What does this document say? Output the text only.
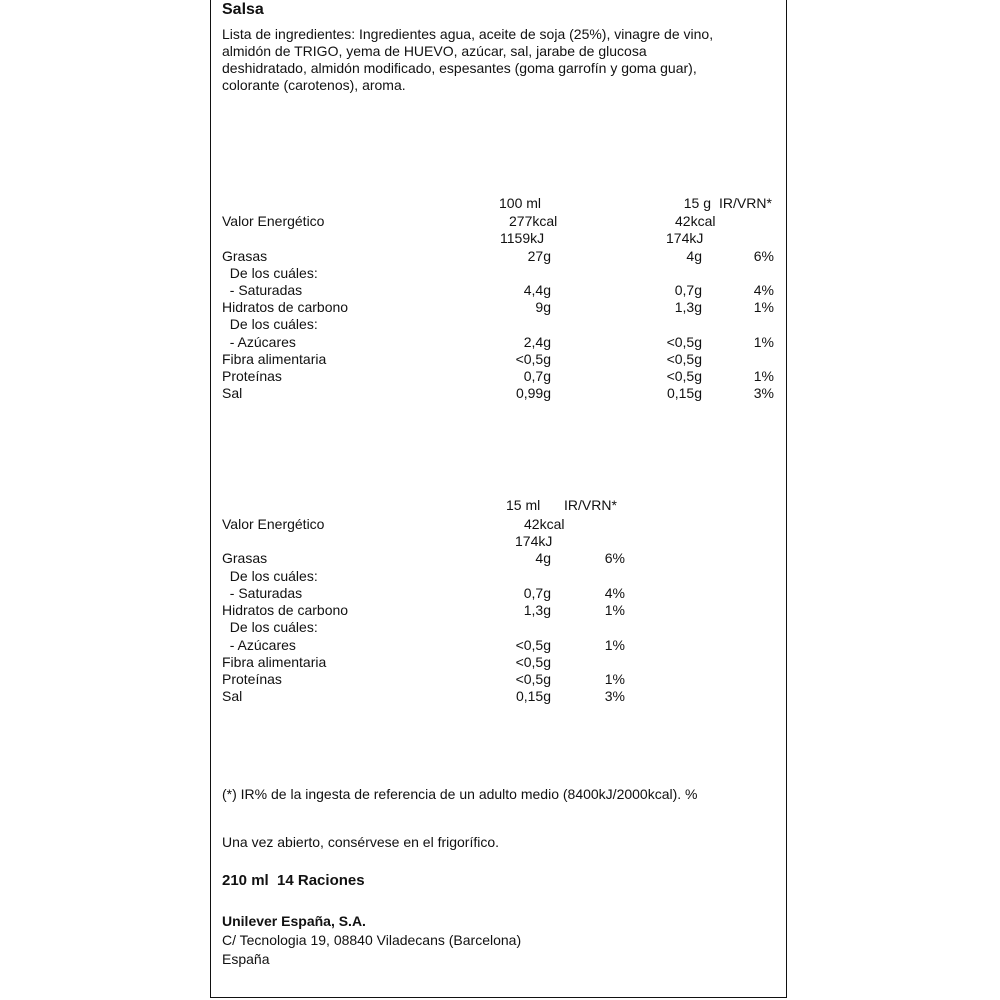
Salsa
Lista de ingredientes: Ingredientes agua, aceite de soja (25%), vinagre de vino,
almidón de TRIGO, yema de HUEVO, azúcar, sal, jarabe de glucosa
deshidratado, almidón modificado, espesantes (goma garrofín y goma guar),
colorante (carotenos), aroma.
100 ml	15 g IR/VRN*
Valor Energético	277kcal	42kcal
1159kJ	174kJ
Grasas	27g	4g	6%
De los cuáles:
- Saturadas	4,4g	0,7g	4%
Hidratos de carbono	9g	1,3g	1%
De los cuáles:
- Azúcares	2,4g	<0,5g	1%
Fibra alimentaria	<0,5g	<0,5g
Proteínas	0,7g	<0,5g	1%
Sal	0,99g	0,15g	3%
15 ml IR/VRN*
Valor Energético	42kcal
174kJ
Grasas	4g	6%
De los cuáles:
- Saturadas	0,7g	4%
Hidratos de carbono	1,3g	1%
De los cuáles:
- Azúcares	<0,5g	1%
Fibra alimentaria	<0,5g
Proteínas	<0,5g	1%
Sal	0,15g	3%
(*) IR% de la ingesta de referencia de un adulto medio (8400kJ/2000kcal). %
Una vez abierto, consérvese en el frigorífico.
210 ml  14 Raciones
Unilever España, S.A.
C/ Tecnologia 19, 08840 Viladecans (Barcelona)
España
